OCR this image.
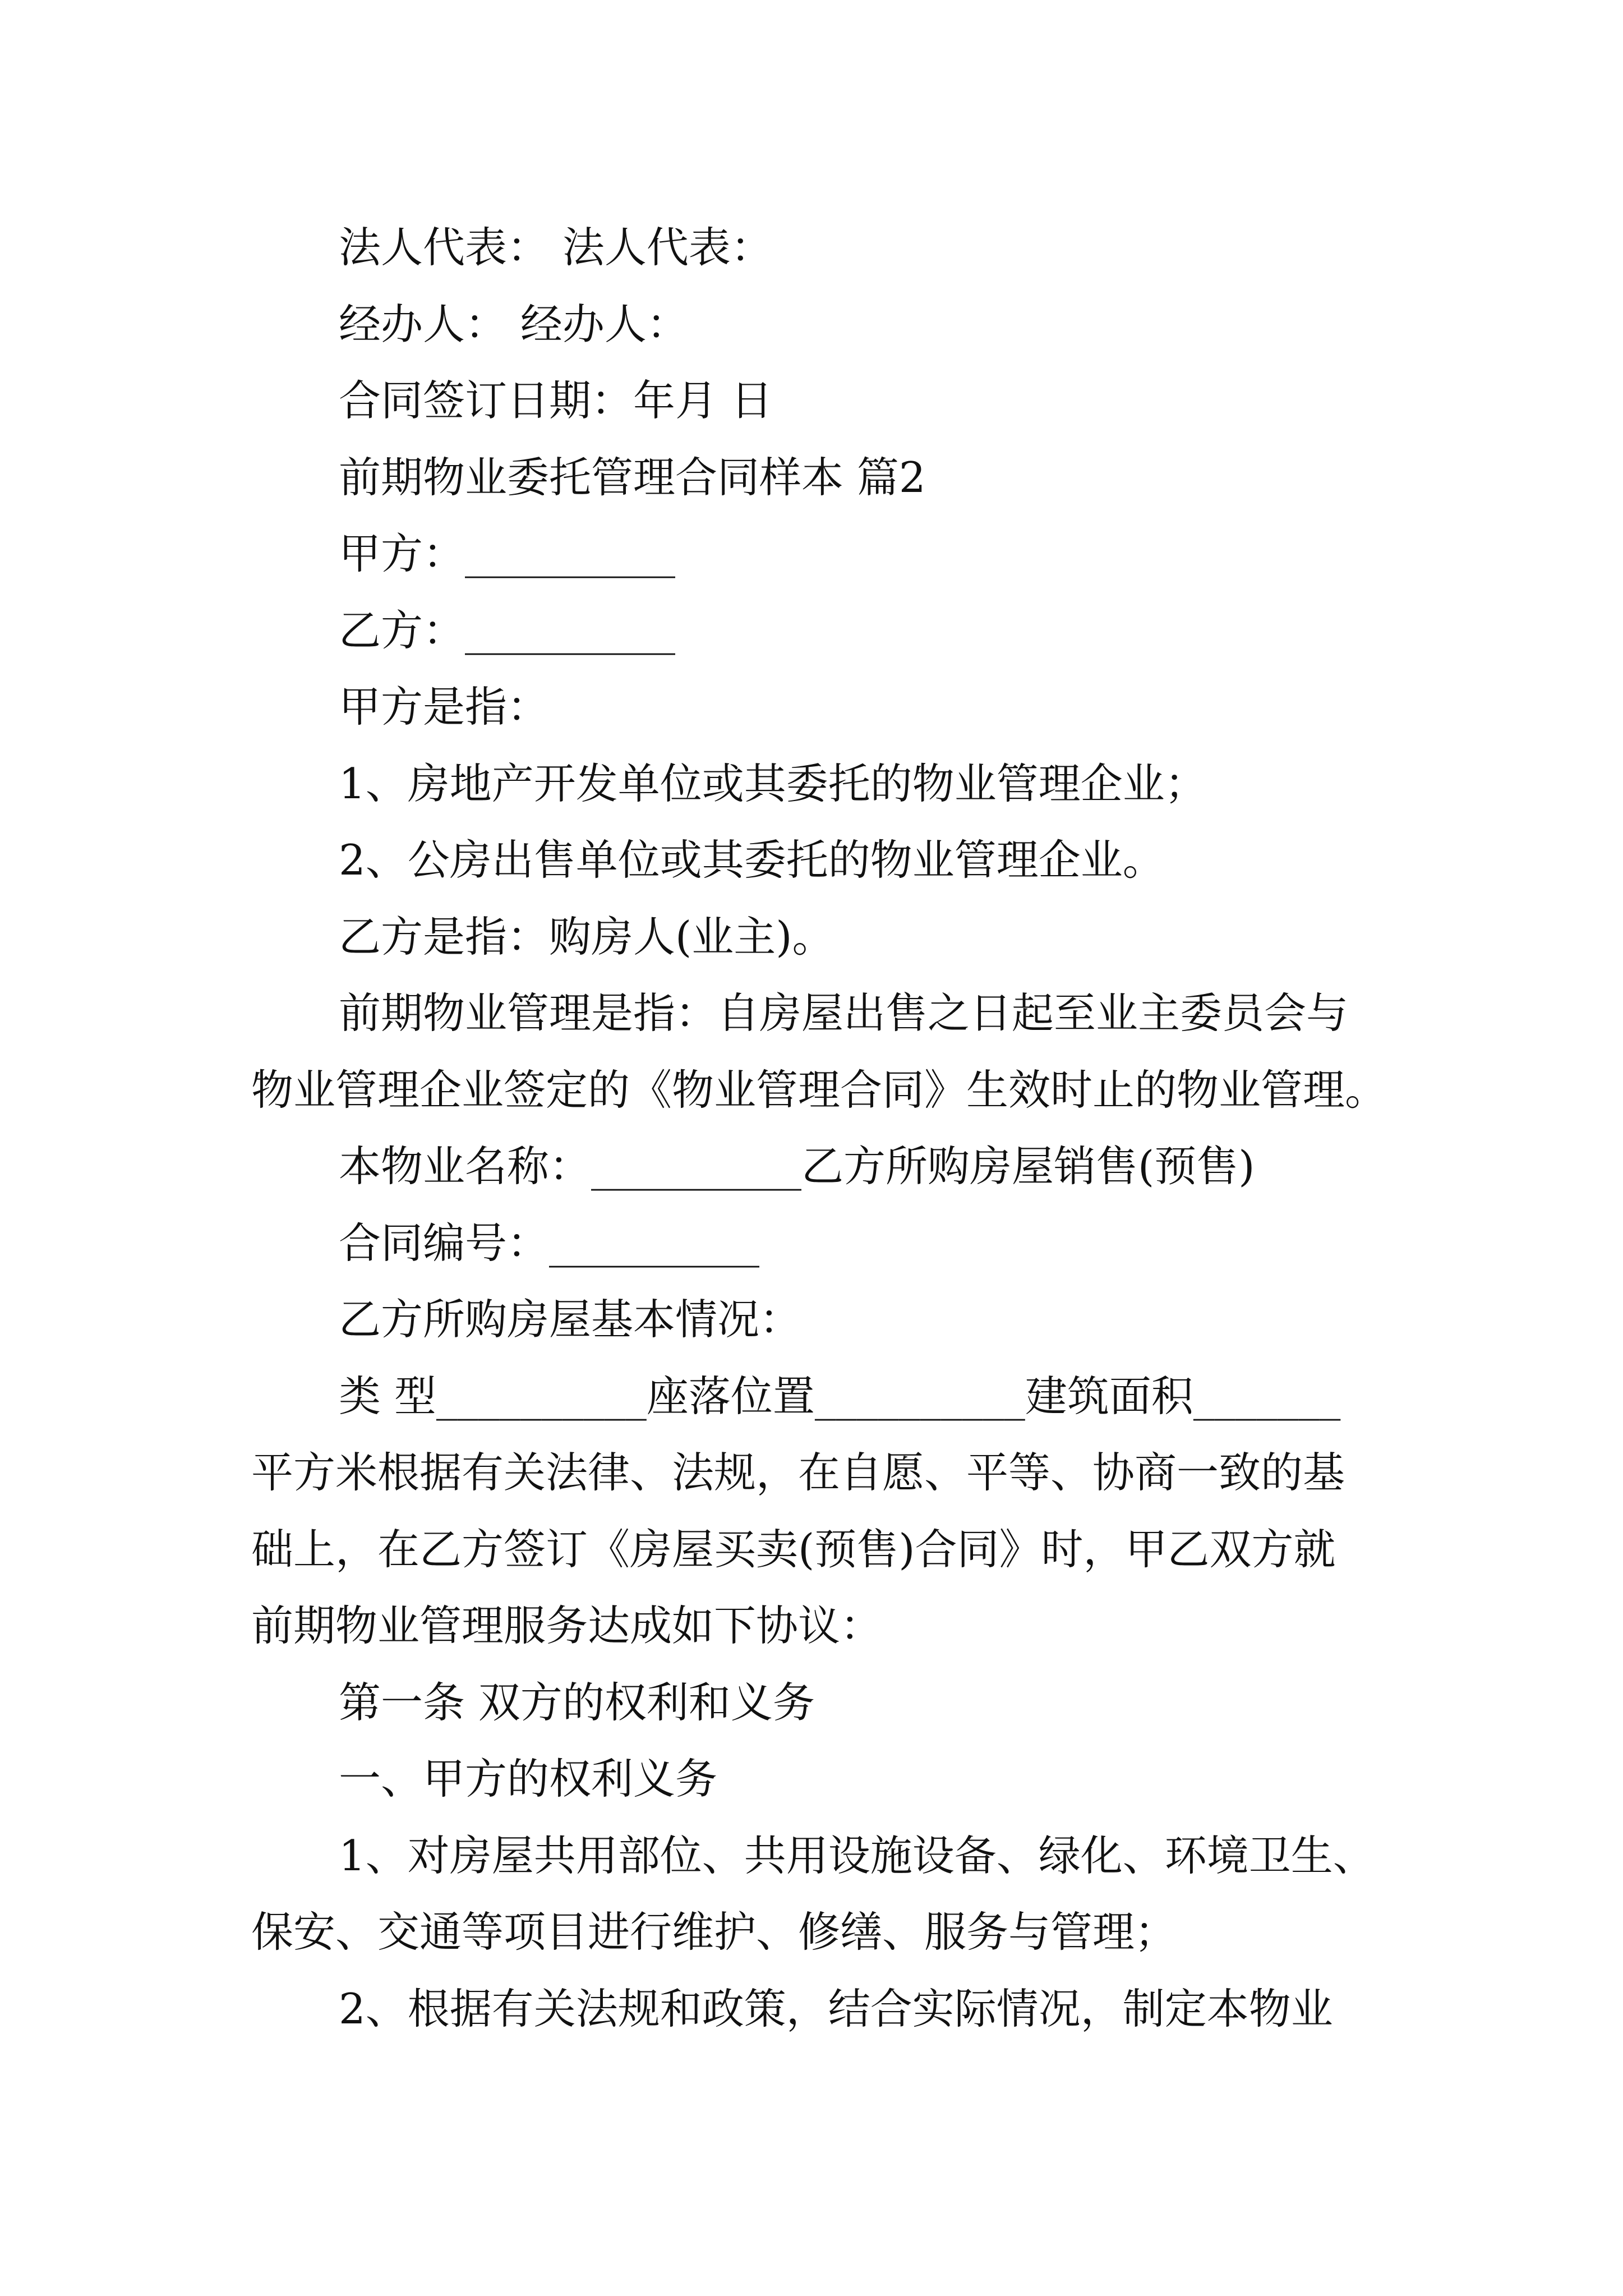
法人代表： 法人代表：
经办人： 经办人：
合同签订日期：年月 日
前期物业委托管理合同样本 篇2
甲方：__________
乙方：__________
甲方是指：
1、房地产开发单位或其委托的物业管理企业；
2、公房出售单位或其委托的物业管理企业。
乙方是指：购房人(业主)。
前期物业管理是指：自房屋出售之日起至业主委员会与
物业管理企业签定的《物业管理合同》生效时止的物业管理。
本物业名称：__________乙方所购房屋销售(预售)
合同编号：__________
乙方所购房屋基本情况：
类 型__________座落位置__________建筑面积_______
平方米根据有关法律、法规，在自愿、平等、协商一致的基
础上，在乙方签订《房屋买卖(预售)合同》时，甲乙双方就
前期物业管理服务达成如下协议：
第一条 双方的权利和义务
一、甲方的权利义务
1、对房屋共用部位、共用设施设备、绿化、环境卫生、
保安、交通等项目进行维护、修缮、服务与管理；
2、根据有关法规和政策，结合实际情况，制定本物业
